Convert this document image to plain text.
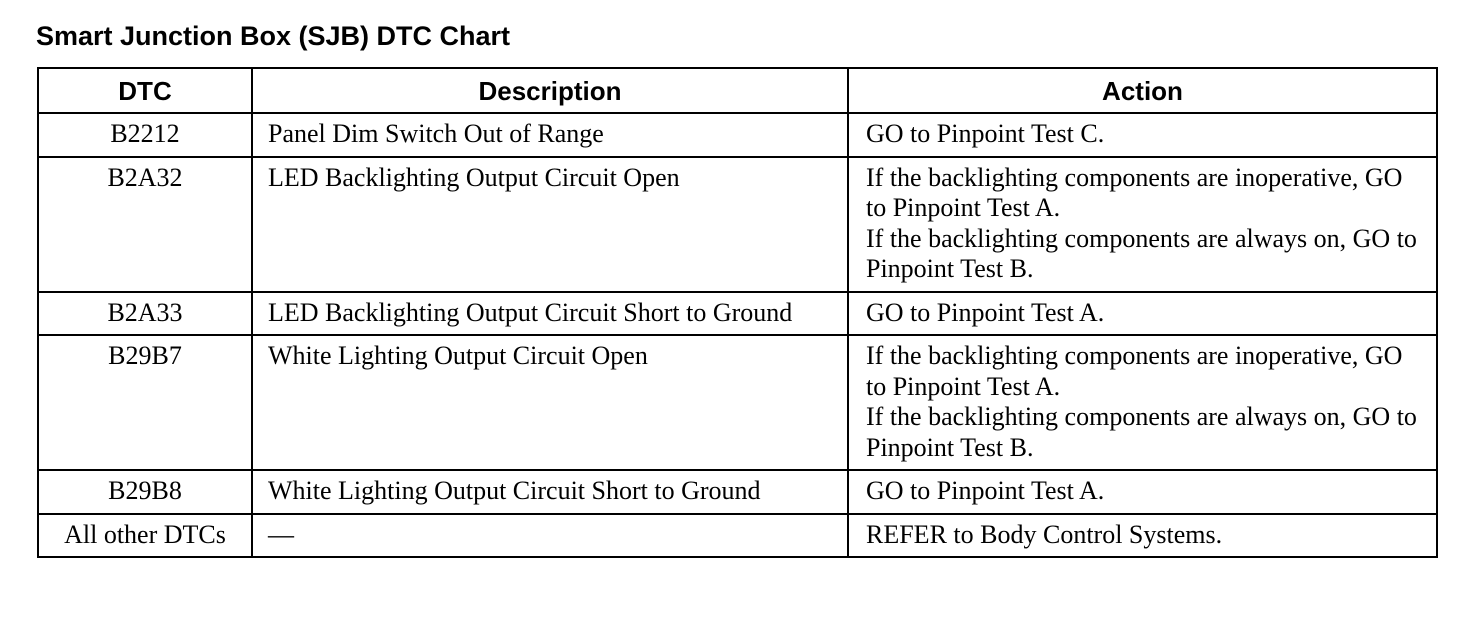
Smart Junction Box (SJB) DTC Chart
DTC	Description	Action
B2212	Panel Dim Switch Out of Range	GO to Pinpoint Test C.

B2A32	LED Backlighting Output Circuit Open	If the backlighting components are inoperative, GO to Pinpoint Test A.
If the backlighting components are always on, GO to Pinpoint Test B.

B2A33	LED Backlighting Output Circuit Short to Ground	GO to Pinpoint Test A.

B29B7	White Lighting Output Circuit Open	If the backlighting components are inoperative, GO to Pinpoint Test A.
If the backlighting components are always on, GO to Pinpoint Test B.

B29B8	White Lighting Output Circuit Short to Ground	GO to Pinpoint Test A.

All other DTCs	—	REFER to Body Control Systems.
